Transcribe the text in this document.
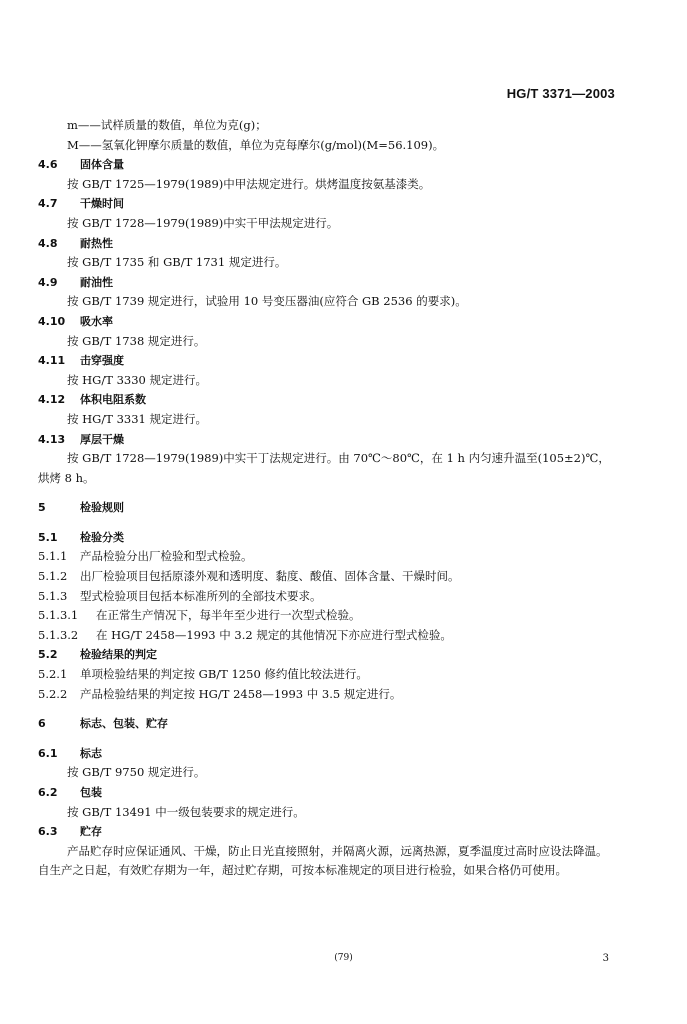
HG/T 3371—2003
m——试样质量的数值，单位为克(g)；
M——氢氧化钾摩尔质量的数值，单位为克每摩尔(g/mol)(M=56.109)。
4.6 固体含量
按 GB/T 1725—1979(1989)中甲法规定进行。烘烤温度按氨基漆类。
4.7 干燥时间
按 GB/T 1728—1979(1989)中实干甲法规定进行。
4.8 耐热性
按 GB/T 1735 和 GB/T 1731 规定进行。
4.9 耐油性
按 GB/T 1739 规定进行，试验用 10 号变压器油(应符合 GB 2536 的要求)。
4.10 吸水率
按 GB/T 1738 规定进行。
4.11 击穿强度
按 HG/T 3330 规定进行。
4.12 体积电阻系数
按 HG/T 3331 规定进行。
4.13 厚层干燥
按 GB/T 1728—1979(1989)中实干丁法规定进行。由 70℃～80℃，在 1 h 内匀速升温至(105±2)℃，烘烤 8 h。
5	检验规则
5.1 检验分类
5.1.1 产品检验分出厂检验和型式检验。
5.1.2 出厂检验项目包括原漆外观和透明度、黏度、酸值、固体含量、干燥时间。
5.1.3 型式检验项目包括本标准所列的全部技术要求。
5.1.3.1 在正常生产情况下，每半年至少进行一次型式检验。
5.1.3.2 在 HG/T 2458—1993 中 3.2 规定的其他情况下亦应进行型式检验。
5.2 检验结果的判定
5.2.1 单项检验结果的判定按 GB/T 1250 修约值比较法进行。
5.2.2 产品检验结果的判定按 HG/T 2458—1993 中 3.5 规定进行。
6	标志、包装、贮存
6.1 标志
按 GB/T 9750 规定进行。
6.2 包装
按 GB/T 13491 中一级包装要求的规定进行。
6.3 贮存
产品贮存时应保证通风、干燥，防止日光直接照射，并隔离火源，远离热源，夏季温度过高时应设法降温。自生产之日起，有效贮存期为一年，超过贮存期，可按本标准规定的项目进行检验，如果合格仍可使用。
(79)	3
